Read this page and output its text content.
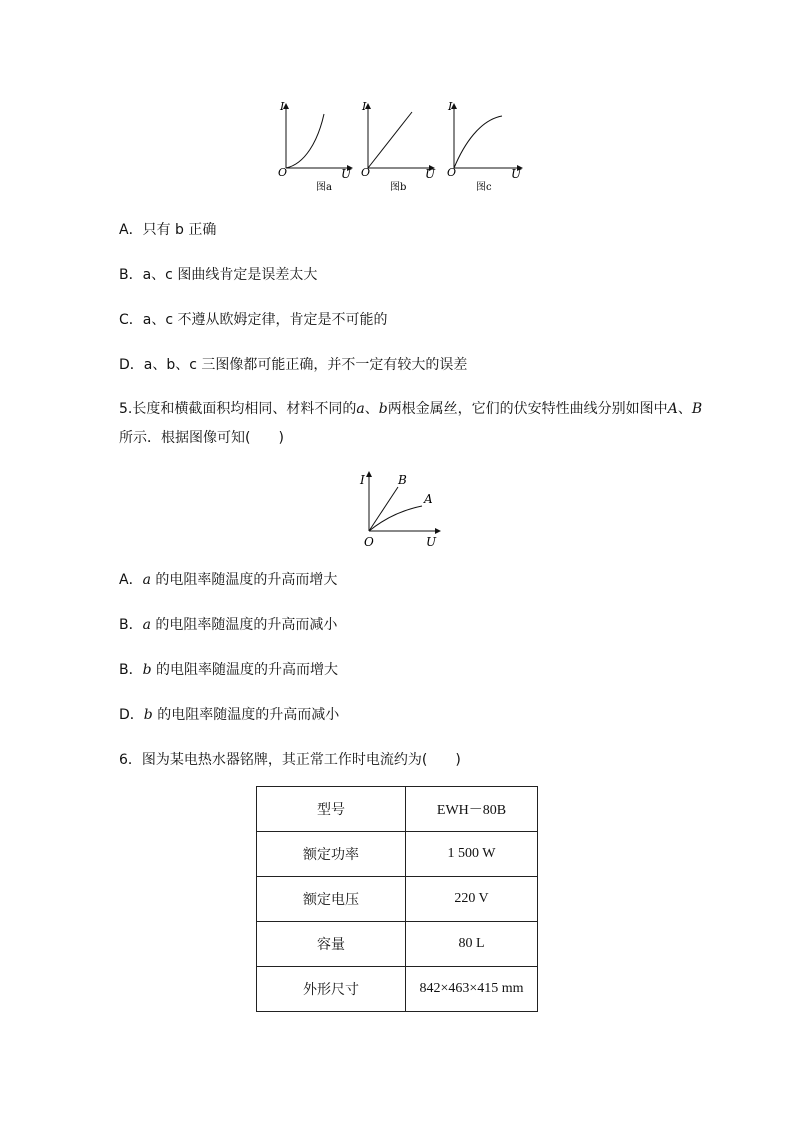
I
U
O
图a
I
U
O
图b
I
U
O
图c
A．只有 b 正确
B．a、c 图曲线肯定是误差太大
C．a、c 不遵从欧姆定律，肯定是不可能的
D．a、b、c 三图像都可能正确，并不一定有较大的误差
5.长度和横截面积均相同、材料不同的a、b两根金属丝，它们的伏安特性曲线分别如图中A、B
所示．根据图像可知(　　)
I
U
O
B
A
A．a 的电阻率随温度的升高而增大
B．a 的电阻率随温度的升高而减小
B．b 的电阻率随温度的升高而增大
D．b 的电阻率随温度的升高而减小
6．图为某电热水器铭牌，其正常工作时电流约为(　　)
型号	EWH－80B
额定功率	1 500 W
额定电压	220 V
容量	80 L
外形尺寸	842×463×415 mm
